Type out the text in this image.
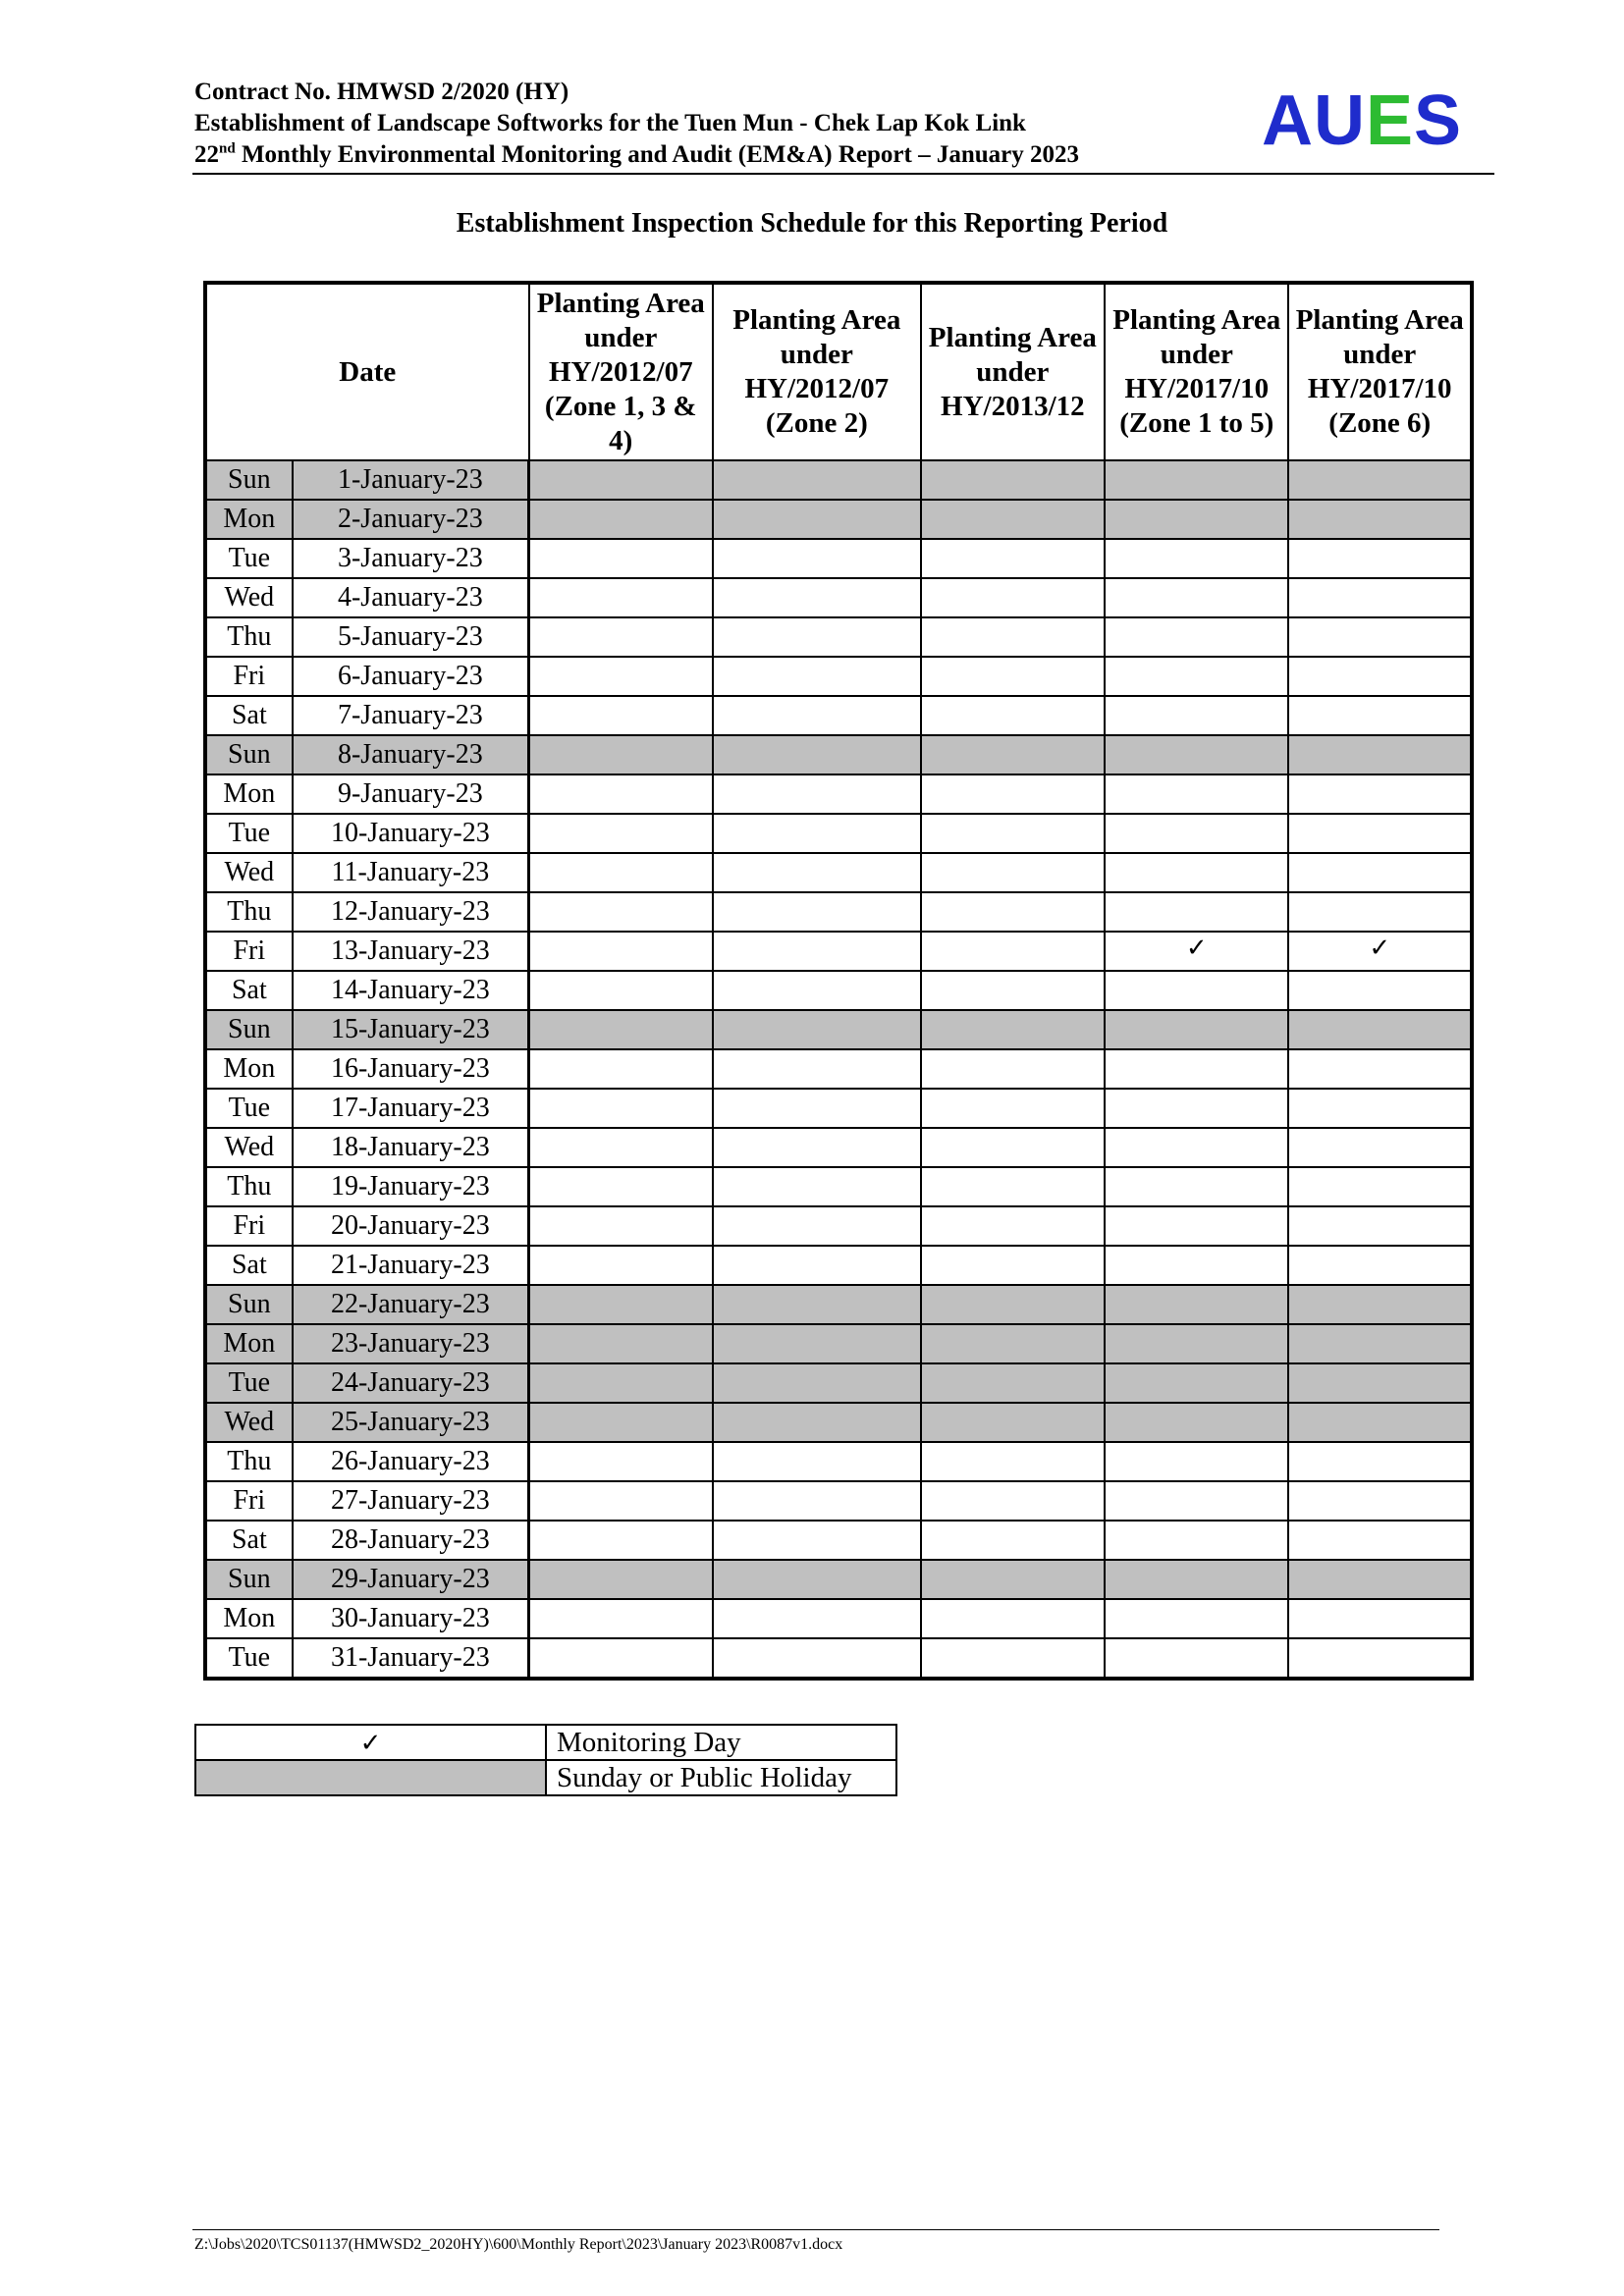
Contract No. HMWSD 2/2020 (HY)
Establishment of Landscape Softworks for the Tuen Mun - Chek Lap Kok Link
22nd Monthly Environmental Monitoring and Audit (EM&A) Report – January 2023	AUES
Establishment Inspection Schedule for this Reporting Period
Date		Planting Area under HY/2012/07 (Zone 1, 3 & 4)	Planting Area under HY/2012/07 (Zone 2)	Planting Area under HY/2013/12	Planting Area under HY/2017/10 (Zone 1 to 5)	Planting Area under HY/2017/10 (Zone 6)
Sun	1-January-23					
Mon	2-January-23					
Tue	3-January-23					
Wed	4-January-23					
Thu	5-January-23					
Fri	6-January-23					
Sat	7-January-23					
Sun	8-January-23					
Mon	9-January-23					
Tue	10-January-23					
Wed	11-January-23					
Thu	12-January-23					
Fri	13-January-23				✓	✓
Sat	14-January-23					
Sun	15-January-23					
Mon	16-January-23					
Tue	17-January-23					
Wed	18-January-23					
Thu	19-January-23					
Fri	20-January-23					
Sat	21-January-23					
Sun	22-January-23					
Mon	23-January-23					
Tue	24-January-23					
Wed	25-January-23					
Thu	26-January-23					
Fri	27-January-23					
Sat	28-January-23					
Sun	29-January-23					
Mon	30-January-23					
Tue	31-January-23					
✓	Monitoring Day
	Sunday or Public Holiday
Z:\Jobs\2020\TCS01137(HMWSD2_2020HY)\600\Monthly Report\2023\January 2023\R0087v1.docx
